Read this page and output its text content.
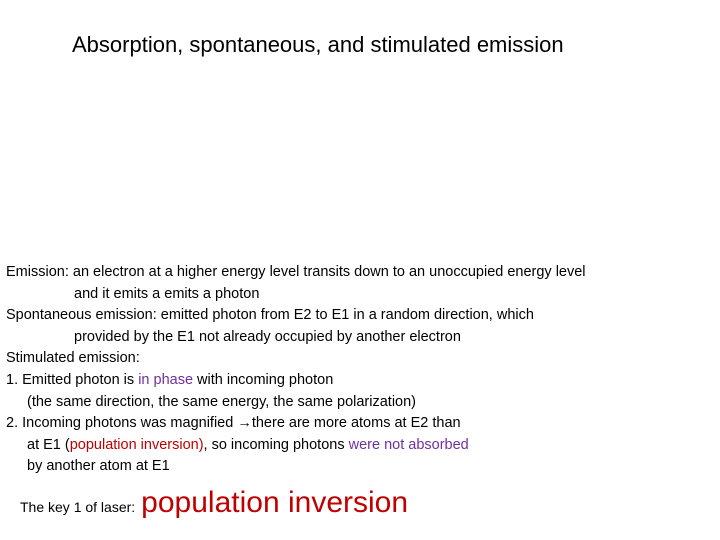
Absorption, spontaneous, and stimulated emission
Emission: an electron at a higher energy level transits down to an unoccupied energy level
and it emits a emits a photon
Spontaneous emission: emitted photon from E2 to E1 in a random direction, which
provided by the E1 not already occupied by another electron
Stimulated emission:
1. Emitted photon is in phase with incoming photon
(the same direction, the same energy, the same polarization)
2. Incoming photons was magnified →there are more atoms at E2 than
at E1 (population inversion), so incoming photons were not absorbed
by another atom at E1
The key 1 of laser: population inversion
